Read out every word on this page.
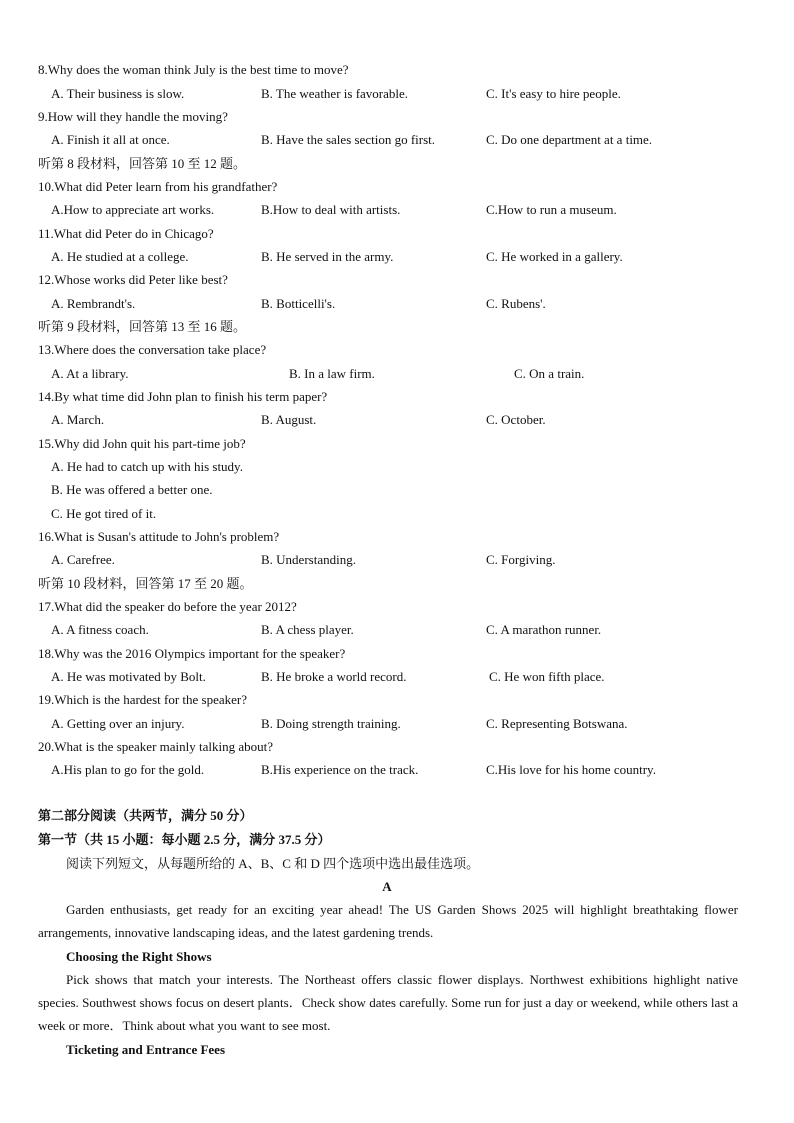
8.Why does the woman think July is the best time to move?
A. Their business is slow.	B. The weather is favorable.	C. It's easy to hire people.
9.How will they handle the moving?
A. Finish it all at once.	B. Have the sales section go first.	C. Do one department at a time.
听第 8 段材料，回答第 10 至 12 题。
10.What did Peter learn from his grandfather?
A.How to appreciate art works.	B.How to deal with artists.	C.How to run a museum.
11.What did Peter do in Chicago?
A. He studied at a college.	B. He served in the army.	C. He worked in a gallery.
12.Whose works did Peter like best?
A. Rembrandt's.	B. Botticelli's.	C. Rubens'.
听第 9 段材料，回答第 13 至 16 题。
13.Where does the conversation take place?
A. At a library.	B. In a law firm.	C. On a train.
14.By what time did John plan to finish his term paper?
A. March.	B. August.	C. October.
15.Why did John quit his part-time job?
A. He had to catch up with his study.
B. He was offered a better one.
C. He got tired of it.
16.What is Susan's attitude to John's problem?
A. Carefree.	B. Understanding.	C. Forgiving.
听第 10 段材料，回答第 17 至 20 题。
17.What did the speaker do before the year 2012?
A. A fitness coach.	B. A chess player.	C. A marathon runner.
18.Why was the 2016 Olympics important for the speaker?
A. He was motivated by Bolt.	B. He broke a world record.	C. He won fifth place.
19.Which is the hardest for the speaker?
A. Getting over an injury.	B. Doing strength training.	C. Representing Botswana.
20.What is the speaker mainly talking about?
A.His plan to go for the gold.	B.His experience on the track.	C.His love for his home country.
第二部分阅读（共两节，满分 50 分）
第一节（共 15 小题：每小题 2.5 分，满分 37.5 分）
阅读下列短文，从每题所给的 A、B、C 和 D 四个选项中选出最佳选项。
A
Garden enthusiasts, get ready for an exciting year ahead! The US Garden Shows 2025 will highlight breathtaking flower arrangements, innovative landscaping ideas, and the latest gardening trends.
Choosing the Right Shows
Pick shows that match your interests. The Northeast offers classic flower displays. Northwest exhibitions highlight native species. Southwest shows focus on desert plants．Check show dates carefully. Some run for just a day or weekend, while others last a week or more．Think about what you want to see most.
Ticketing and Entrance Fees
